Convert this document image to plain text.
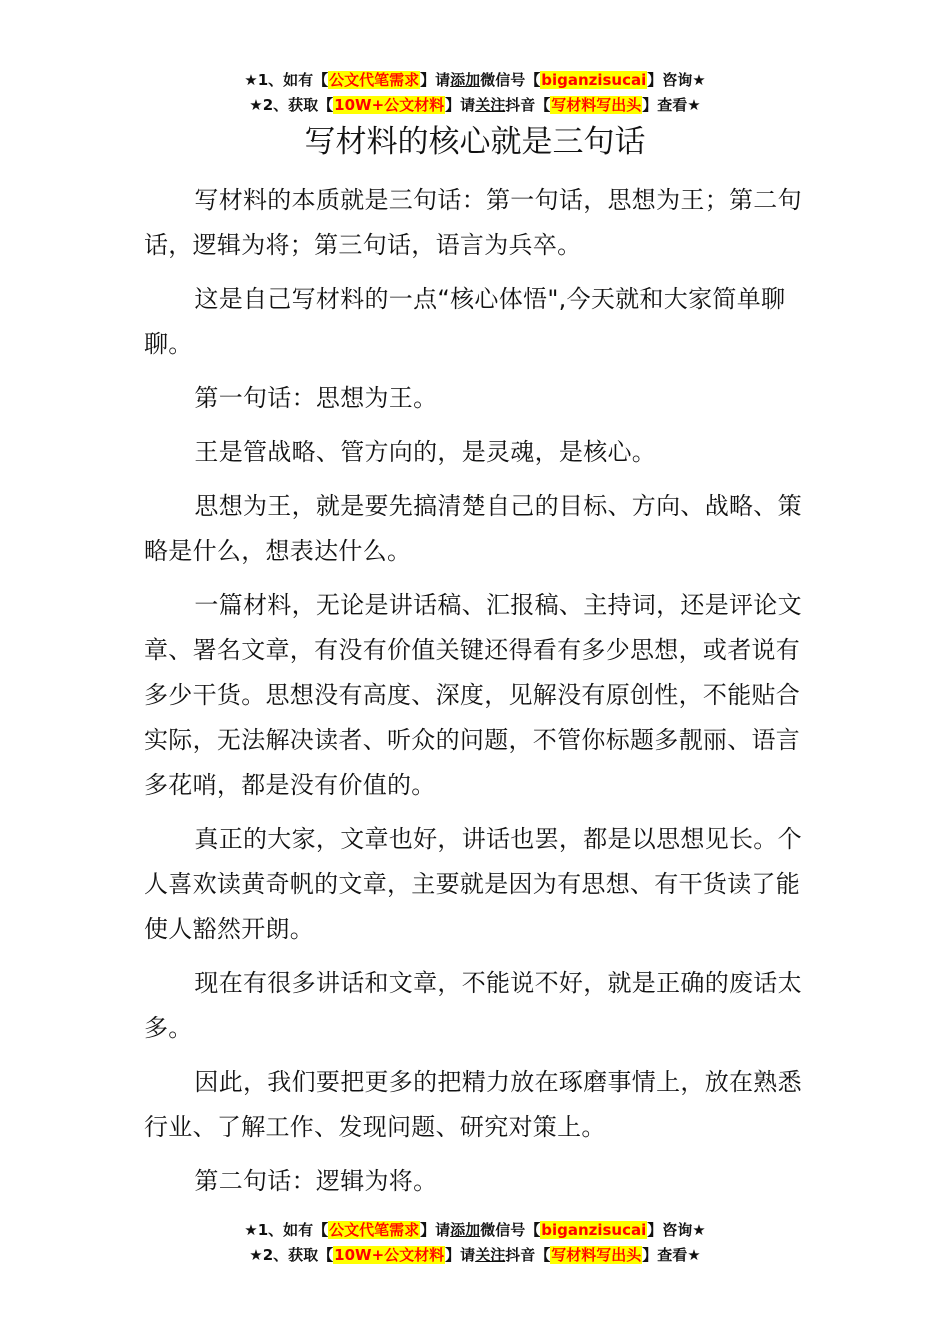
★1、如有【公文代笔需求】请添加微信号【biganzisucai】咨询★
★2、获取【10W+公文材料】请关注抖音【写材料写出头】查看★
写材料的核心就是三句话

写材料的本质就是三句话：第一句话，思想为王；第二句话，逻辑为将；第三句话，语言为兵卒。

这是自己写材料的一点“核心体悟",今天就和大家简单聊聊。

第一句话：思想为王。

王是管战略、管方向的，是灵魂，是核心。

思想为王，就是要先搞清楚自己的目标、方向、战略、策略是什么，想表达什么。

一篇材料，无论是讲话稿、汇报稿、主持词，还是评论文章、署名文章，有没有价值关键还得看有多少思想，或者说有多少干货。思想没有高度、深度，见解没有原创性，不能贴合实际，无法解决读者、听众的问题，不管你标题多靓丽、语言多花哨，都是没有价值的。

真正的大家，文章也好，讲话也罢，都是以思想见长。个人喜欢读黄奇帆的文章，主要就是因为有思想、有干货读了能使人豁然开朗。

现在有很多讲话和文章，不能说不好，就是正确的废话太多。

因此，我们要把更多的把精力放在琢磨事情上，放在熟悉行业、了解工作、发现问题、研究对策上。

第二句话：逻辑为将。

★1、如有【公文代笔需求】请添加微信号【biganzisucai】咨询★
★2、获取【10W+公文材料】请关注抖音【写材料写出头】查看★
